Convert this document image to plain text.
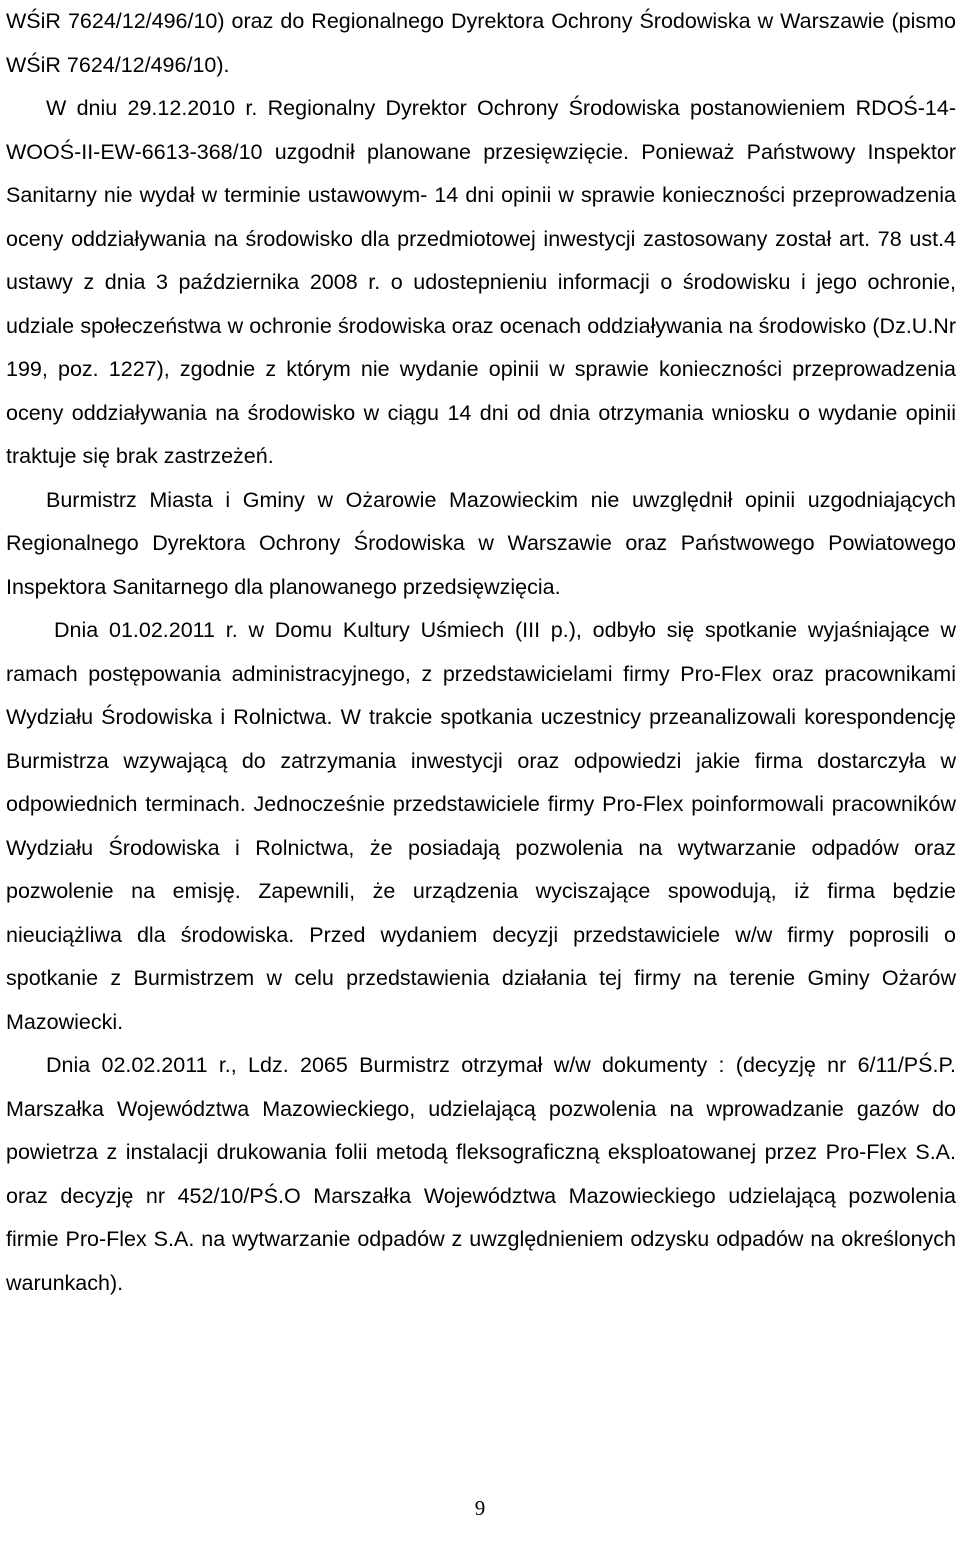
WŚiR 7624/12/496/10) oraz do Regionalnego Dyrektora Ochrony Środowiska w Warszawie (pismo WŚiR 7624/12/496/10).

W dniu 29.12.2010 r. Regionalny Dyrektor Ochrony Środowiska postanowieniem RDOŚ-14-WOOŚ-II-EW-6613-368/10 uzgodnił planowane przesięwzięcie. Ponieważ Państwowy Inspektor Sanitarny nie wydał w terminie ustawowym- 14 dni opinii w sprawie konieczności przeprowadzenia oceny oddziaływania na środowisko dla przedmiotowej inwestycji zastosowany został art. 78 ust.4 ustawy z dnia 3 października 2008 r. o udostepnieniu informacji o środowisku i jego ochronie, udziale społeczeństwa w ochronie środowiska oraz ocenach oddziaływania na środowisko (Dz.U.Nr 199, poz. 1227), zgodnie z którym nie wydanie opinii w sprawie konieczności przeprowadzenia oceny oddziaływania na środowisko w ciągu 14 dni od dnia otrzymania wniosku o wydanie opinii traktuje się brak zastrzeżeń.

Burmistrz Miasta i Gminy w Ożarowie Mazowieckim nie uwzględnił opinii uzgodniających Regionalnego Dyrektora Ochrony Środowiska w Warszawie oraz Państwowego Powiatowego Inspektora Sanitarnego dla planowanego przedsięwzięcia.

Dnia 01.02.2011 r. w Domu Kultury Uśmiech (III p.), odbyło się spotkanie wyjaśniające w ramach postępowania administracyjnego, z przedstawicielami firmy Pro-Flex oraz pracownikami Wydziału Środowiska i Rolnictwa. W trakcie spotkania uczestnicy przeanalizowali korespondencję Burmistrza wzywającą do zatrzymania inwestycji oraz odpowiedzi jakie firma dostarczyła w odpowiednich terminach. Jednocześnie przedstawiciele firmy Pro-Flex poinformowali pracowników Wydziału Środowiska i Rolnictwa, że posiadają pozwolenia na wytwarzanie odpadów oraz pozwolenie na emisję. Zapewnili, że urządzenia wyciszające spowodują, iż firma będzie nieuciążliwa dla środowiska. Przed wydaniem decyzji przedstawiciele w/w firmy poprosili o spotkanie z Burmistrzem w celu przedstawienia działania tej firmy na terenie Gminy Ożarów Mazowiecki.

Dnia 02.02.2011 r., Ldz. 2065 Burmistrz otrzymał w/w dokumenty : (decyzję nr 6/11/PŚ.P. Marszałka Województwa Mazowieckiego, udzielającą pozwolenia na wprowadzanie gazów do powietrza z instalacji drukowania folii metodą fleksograficzną eksploatowanej przez Pro-Flex S.A. oraz decyzję nr 452/10/PŚ.O Marszałka Województwa Mazowieckiego udzielającą pozwolenia firmie Pro-Flex S.A. na wytwarzanie odpadów z uwzględnieniem odzysku odpadów na określonych warunkach).

9
